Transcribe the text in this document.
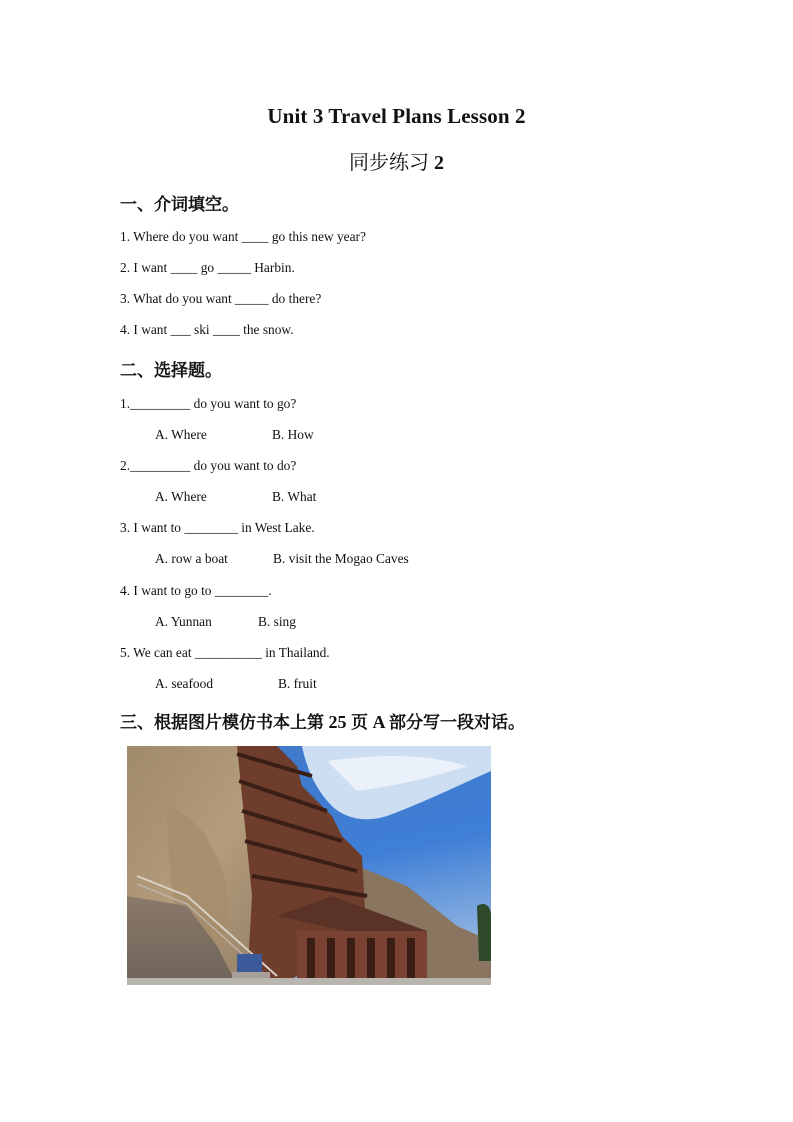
Unit 3 Travel Plans Lesson 2
同步练习 2
一、介词填空。
1. Where do you want ____ go this new year?
2. I want ____ go _____ Harbin.
3. What do you want _____ do there?
4. I want ___ ski ____ the snow.
二、选择题。
1._________ do you want to go?
A. Where	B. How
2._________ do you want to do?
A. Where	B. What
3. I want to ________ in West Lake.
A. row a boat	B. visit the Mogao Caves
4. I want to go to ________.
A. Yunnan	B. sing
5. We can eat __________ in Thailand.
A. seafood	B. fruit
三、根据图片模仿书本上第 25 页 A 部分写一段对话。
